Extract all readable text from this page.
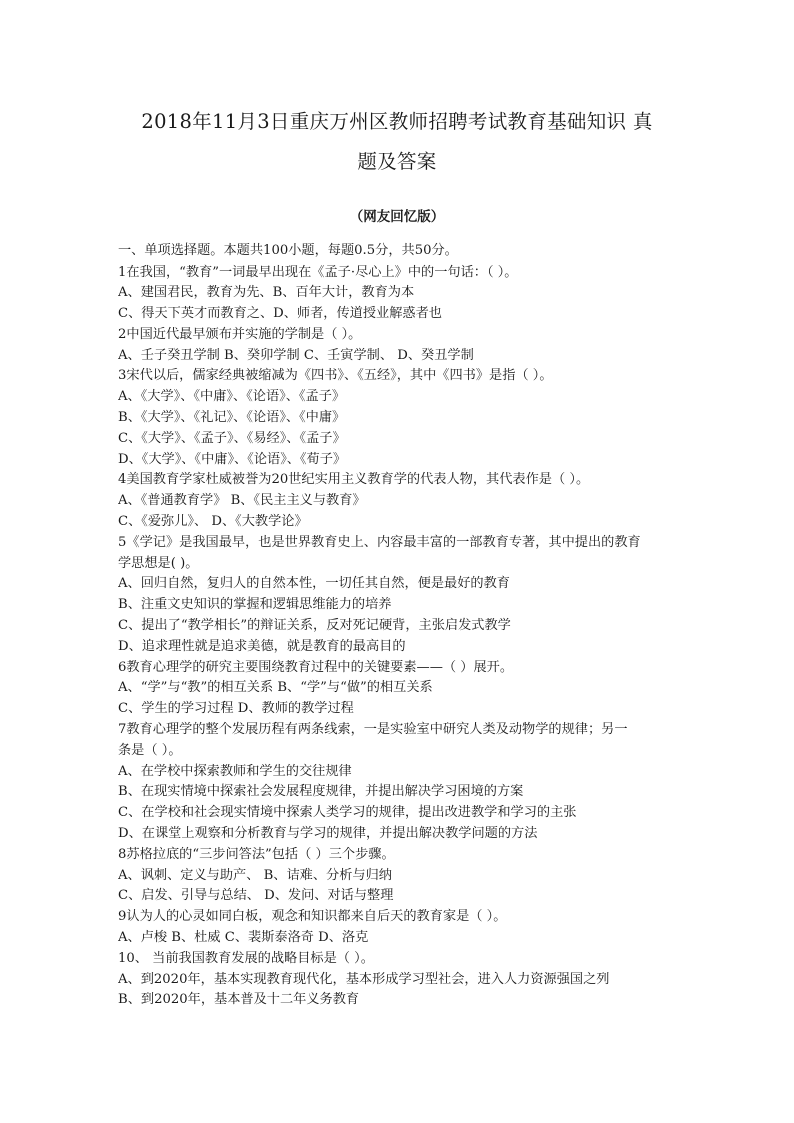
2018年11月3日重庆万州区教师招聘考试教育基础知识 真
题及答案

（网友回忆版）

一、单项选择题。本题共100小题，每题0.5分，共50分。
1在我国，“教育”一词最早出现在《孟子·尽心上》中的一句话：（ ）。
A、建国君民，教育为先、B、百年大计，教育为本
C、得天下英才而教育之、D、师者，传道授业解惑者也
2中国近代最早颁布并实施的学制是（ ）。
A、壬子癸丑学制 B、癸卯学制 C、壬寅学制、 D、癸丑学制
3宋代以后，儒家经典被缩减为《四书》、《五经》，其中《四书》是指（ ）。
A、《大学》、《中庸》、《论语》、《孟子》
B、《大学》、《礼记》、《论语》、《中庸》
C、《大学》、《孟子》、《易经》、《孟子》
D、《大学》、《中庸》、《论语》、《荀子》
4美国教育学家杜威被誉为20世纪实用主义教育学的代表人物，其代表作是（ ）。
A、《普通教育学》 B、《民主主义与教育》
C、《爱弥儿》、 D、《大教学论》
5《学记》是我国最早，也是世界教育史上、内容最丰富的一部教育专著，其中提出的教育
学思想是( )。
A、回归自然，复归人的自然本性，一切任其自然，便是最好的教育
B、注重文史知识的掌握和逻辑思维能力的培养
C、提出了“教学相长”的辩证关系，反对死记硬背，主张启发式教学
D、追求理性就是追求美德，就是教育的最高目的
6教育心理学的研究主要围绕教育过程中的关键要素——（ ）展开。
A、“学”与“教”的相互关系 B、“学”与“做”的相互关系
C、学生的学习过程 D、教师的教学过程
7教育心理学的整个发展历程有两条线索，一是实验室中研究人类及动物学的规律；另一
条是（ ）。
A、在学校中探索教师和学生的交往规律
B、在现实情境中探索社会发展程度规律，并提出解决学习困境的方案
C、在学校和社会现实情境中探索人类学习的规律，提出改进教学和学习的主张
D、在课堂上观察和分析教育与学习的规律，并提出解决教学问题的方法
8苏格拉底的“三步问答法”包括（ ）三个步骤。
A、讽刺、定义与助产、 B、诘难、分析与归纳
C、启发、引导与总结、 D、发问、对话与整理
9认为人的心灵如同白板，观念和知识都来自后天的教育家是（ ）。
A、卢梭 B、杜威 C、裴斯泰洛奇 D、洛克
10、 当前我国教育发展的战略目标是（ ）。
A、到2020年，基本实现教育现代化，基本形成学习型社会，进入人力资源强国之列
B、到2020年，基本普及十二年义务教育
